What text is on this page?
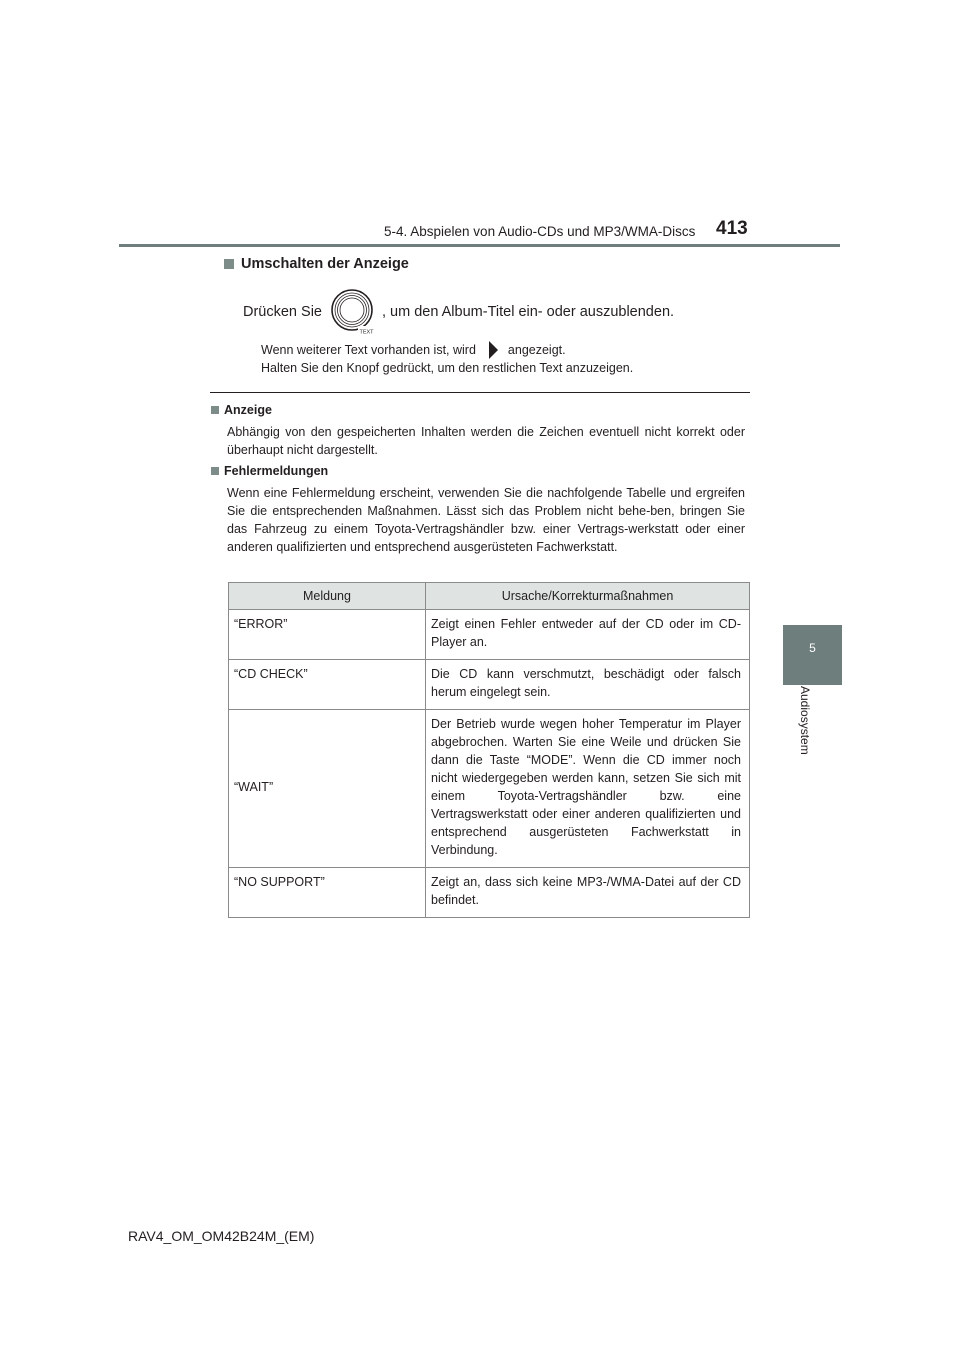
5-4. Abspielen von Audio-CDs und MP3/WMA-Discs 413
5
Audiosystem
Umschalten der Anzeige
Drücken Sie
TEXT
, um den Album-Titel ein- oder auszublenden.
Wenn weiterer Text vorhanden ist, wird	angezeigt.
Halten Sie den Knopf gedrückt, um den restlichen Text anzuzeigen.
Anzeige
Abhängig von den gespeicherten Inhalten werden die Zeichen eventuell nicht korrekt oder überhaupt nicht dargestellt.
Fehlermeldungen
Wenn eine Fehlermeldung erscheint, verwenden Sie die nachfolgende Tabelle und ergreifen Sie die entsprechenden Maßnahmen. Lässt sich das Problem nicht behe-ben, bringen Sie das Fahrzeug zu einem Toyota-Vertragshändler bzw. einer Vertrags-werkstatt oder einer anderen qualifizierten und entsprechend ausgerüsteten Fachwerkstatt.
Meldung	Ursache/Korrekturmaßnahmen
“ERROR”	Zeigt einen Fehler entweder auf der CD oder im CD-Player an.
“CD CHECK”	Die CD kann verschmutzt, beschädigt oder falsch herum eingelegt sein.
“WAIT”	Der Betrieb wurde wegen hoher Temperatur im Player abgebrochen. Warten Sie eine Weile und drücken Sie dann die Taste “MODE”. Wenn die CD immer noch nicht wiedergegeben werden kann, setzen Sie sich mit einem Toyota-Vertragshändler bzw. eine Vertragswerkstatt oder einer anderen qualifizierten und entsprechend ausgerüsteten Fachwerkstatt in Verbindung.
“NO SUPPORT”	Zeigt an, dass sich keine MP3-/WMA-Datei auf der CD befindet.
RAV4_OM_OM42B24M_(EM)
